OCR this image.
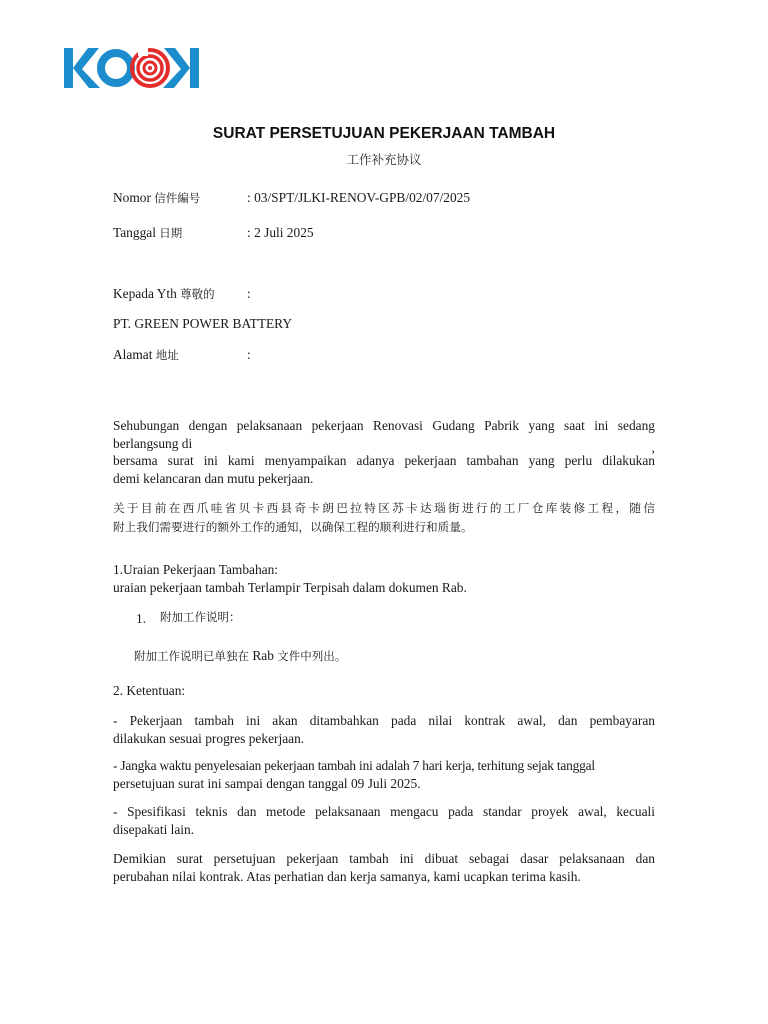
SURAT PERSETUJUAN PEKERJAAN TAMBAH
工作补充协议
Nomor 信件編号	: 03/SPT/JLKI-RENOV-GPB/02/07/2025
Tanggal 日期	: 2 Juli 2025
Kepada Yth 尊敬的 :
PT. GREEN POWER BATTERY
Alamat 地址	:
Sehubungan dengan pelaksanaan pekerjaan Renovasi Gudang Pabrik yang saat ini sedang
berlangsung di	,
bersama surat ini kami menyampaikan adanya pekerjaan tambahan yang perlu dilakukan
demi kelancaran dan mutu pekerjaan.
关于目前在西爪哇省贝卡西县奇卡朗巴拉特区苏卡达瑙街进行的工厂仓库装修工程，随信
附上我们需要进行的额外工作的通知，以确保工程的顺利进行和质量。
1.Uraian Pekerjaan Tambahan:
uraian pekerjaan tambah Terlampir Terpisah dalam dokumen Rab.
1. 附加工作说明：
附加工作说明已单独在 Rab 文件中列出。
2. Ketentuan:
- Pekerjaan tambah ini akan ditambahkan pada nilai kontrak awal, dan pembayaran
dilakukan sesuai progres pekerjaan.
- Jangka waktu penyelesaian pekerjaan tambah ini adalah 7 hari kerja, terhitung sejak tanggal
persetujuan surat ini sampai dengan tanggal 09 Juli 2025.
- Spesifikasi teknis dan metode pelaksanaan mengacu pada standar proyek awal, kecuali
disepakati lain.
Demikian surat persetujuan pekerjaan tambah ini dibuat sebagai dasar pelaksanaan dan
perubahan nilai kontrak. Atas perhatian dan kerja samanya, kami ucapkan terima kasih.
